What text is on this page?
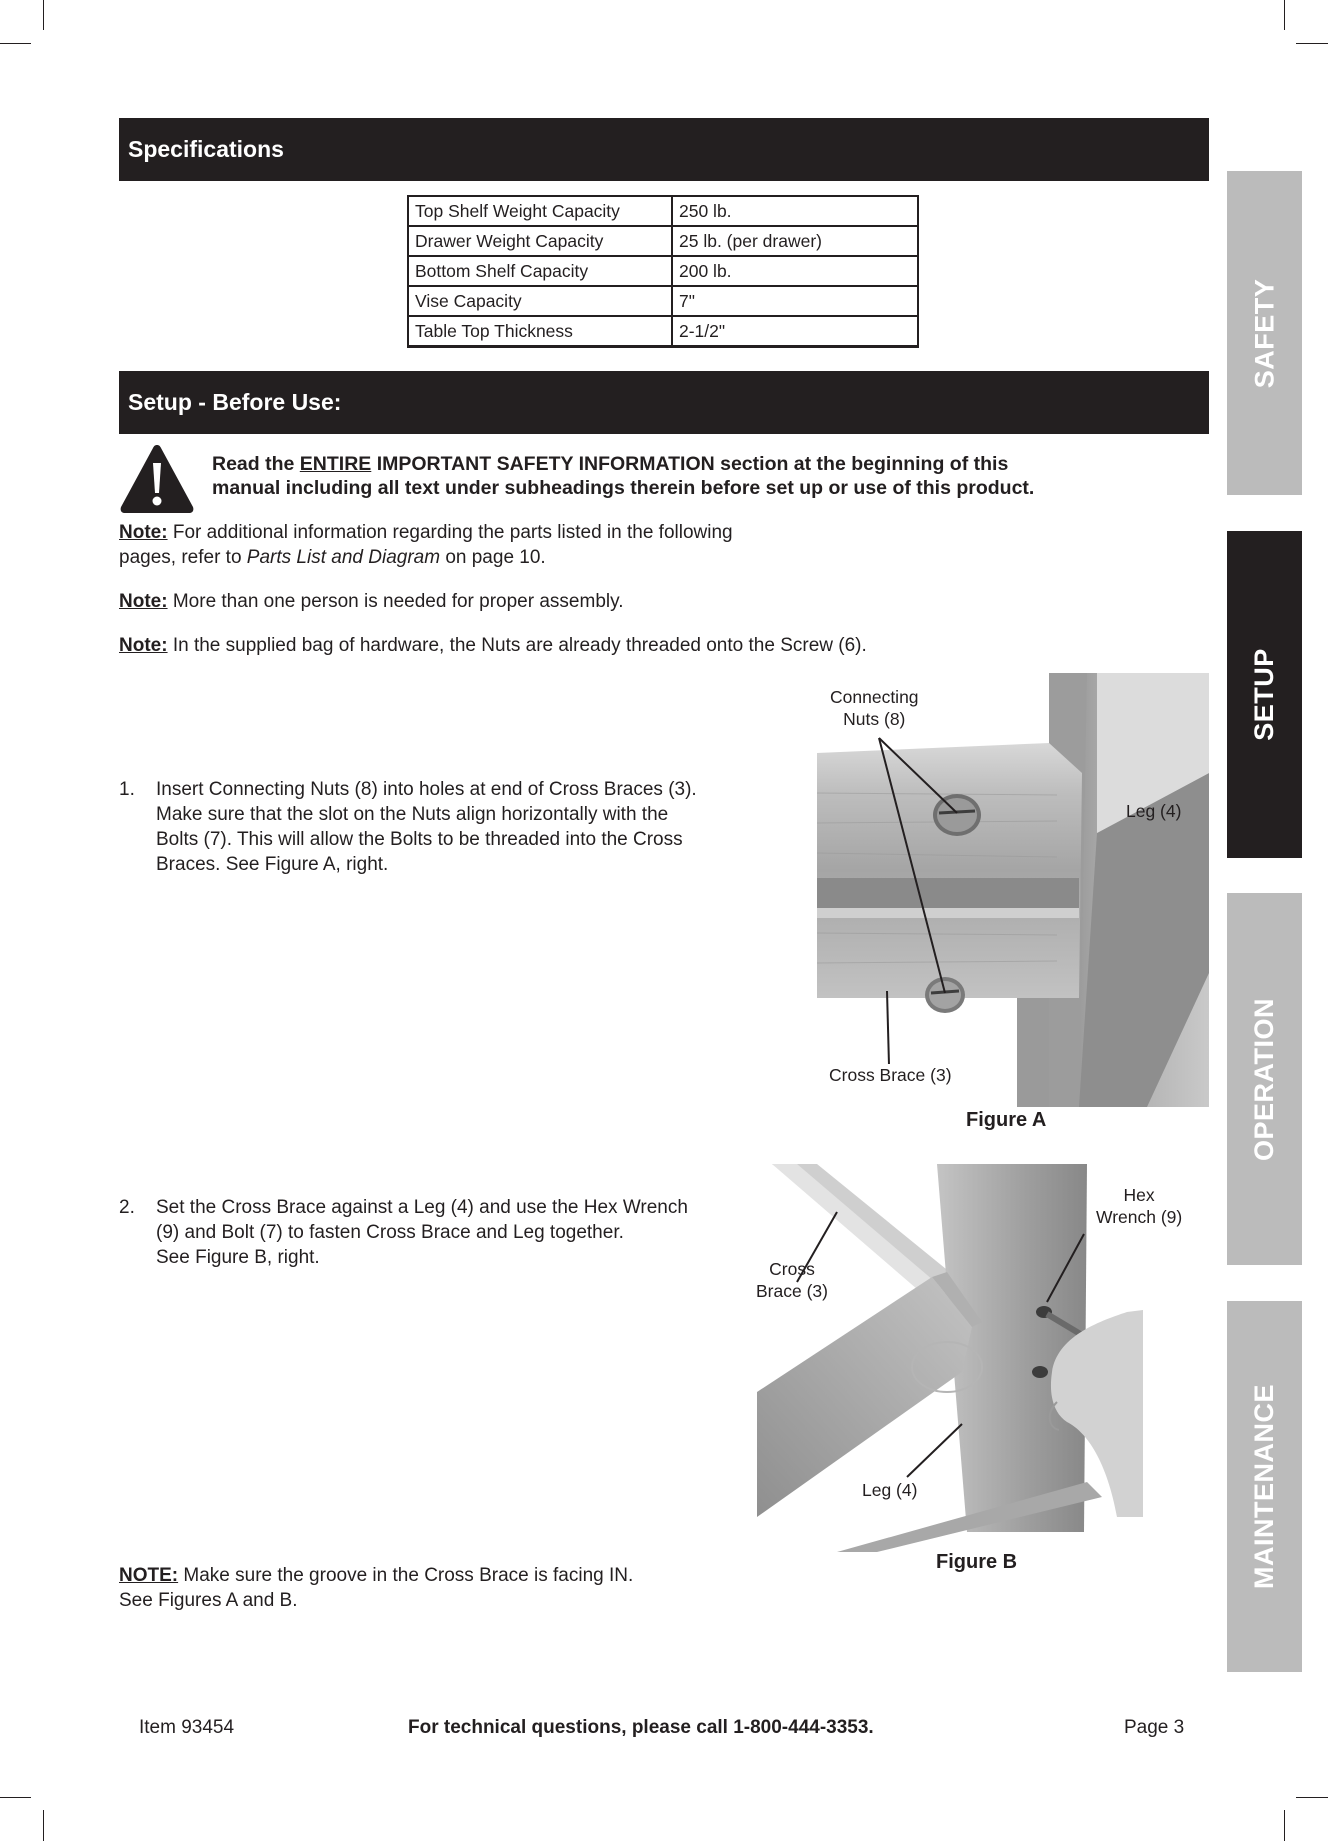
Specifications
Top Shelf Weight Capacity	250 lb.
Drawer Weight Capacity	25 lb. (per drawer)
Bottom Shelf Capacity	200 lb.
Vise Capacity	7"
Table Top Thickness	2-1/2"
Setup - Before Use:
Read the ENTIRE IMPORTANT SAFETY INFORMATION section at the beginning of this
manual including all text under subheadings therein before set up or use of this product.
Note: For additional information regarding the parts listed in the following
pages, refer to Parts List and Diagram on page 10.
Note: More than one person is needed for proper assembly.
Note: In the supplied bag of hardware, the Nuts are already threaded onto the Screw (6).
1. Insert Connecting Nuts (8) into holes at end of Cross Braces (3).
Make sure that the slot on the Nuts align horizontally with the
Bolts (7). This will allow the Bolts to be threaded into the Cross
Braces. See Figure A, right.
Connecting
Nuts (8)
Leg (4)
Cross Brace (3)
Figure A
2. Set the Cross Brace against a Leg (4) and use the Hex Wrench
(9) and Bolt (7) to fasten Cross Brace and Leg together.
See Figure B, right.
Cross
Brace (3)
Hex
Wrench (9)
Leg (4)
Figure B
NOTE: Make sure the groove in the Cross Brace is facing IN.
See Figures A and B.
SAFETY
SETUP
OPERATION
MAINTENANCE
Item 93454	For technical questions, please call 1-800-444-3353.	Page 3
